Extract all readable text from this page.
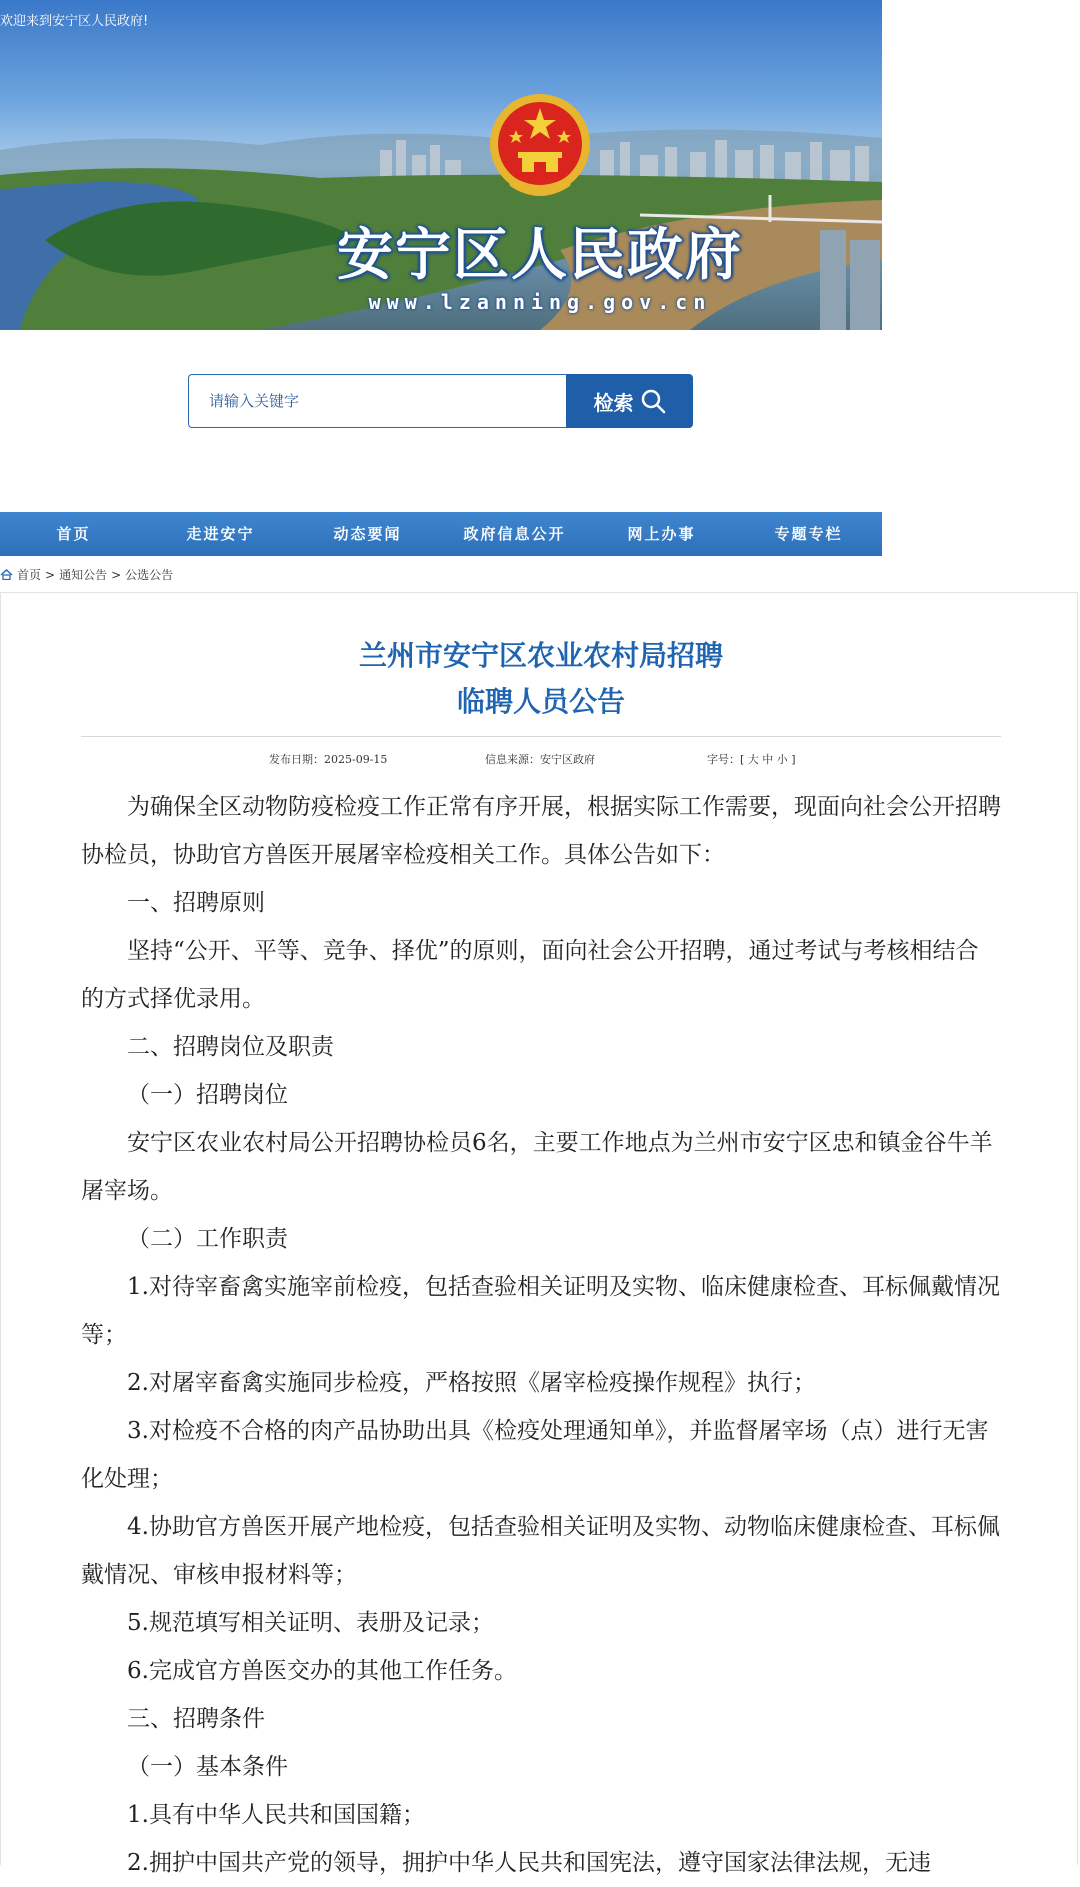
欢迎来到安宁区人民政府!
安宁区人民政府
www.lzanning.gov.cn
请输入关键字
检索
首页	走进安宁	动态要闻	政府信息公开	网上办事	专题专栏
首页 > 通知公告 > 公选公告
兰州市安宁区农业农村局招聘
临聘人员公告
发布日期：2025-09-15	信息来源：安宁区政府	字号：[ 大 中 小 ]

为确保全区动物防疫检疫工作正常有序开展，根据实际工作需要，现面向社会公开招聘协检员，协助官方兽医开展屠宰检疫相关工作。具体公告如下：

一、招聘原则

坚持“公开、平等、竞争、择优”的原则，面向社会公开招聘，通过考试与考核相结合的方式择优录用。

二、招聘岗位及职责

（一）招聘岗位

安宁区农业农村局公开招聘协检员6名，主要工作地点为兰州市安宁区忠和镇金谷牛羊屠宰场。

（二）工作职责

1.对待宰畜禽实施宰前检疫，包括查验相关证明及实物、临床健康检查、耳标佩戴情况等；

2.对屠宰畜禽实施同步检疫，严格按照《屠宰检疫操作规程》执行；

3.对检疫不合格的肉产品协助出具《检疫处理通知单》，并监督屠宰场（点）进行无害化处理；

4.协助官方兽医开展产地检疫，包括查验相关证明及实物、动物临床健康检查、耳标佩戴情况、审核申报材料等；

5.规范填写相关证明、表册及记录；

6.完成官方兽医交办的其他工作任务。

三、招聘条件

（一）基本条件

1.具有中华人民共和国国籍；

2.拥护中国共产党的领导，拥护中华人民共和国宪法，遵守国家法律法规，无违
